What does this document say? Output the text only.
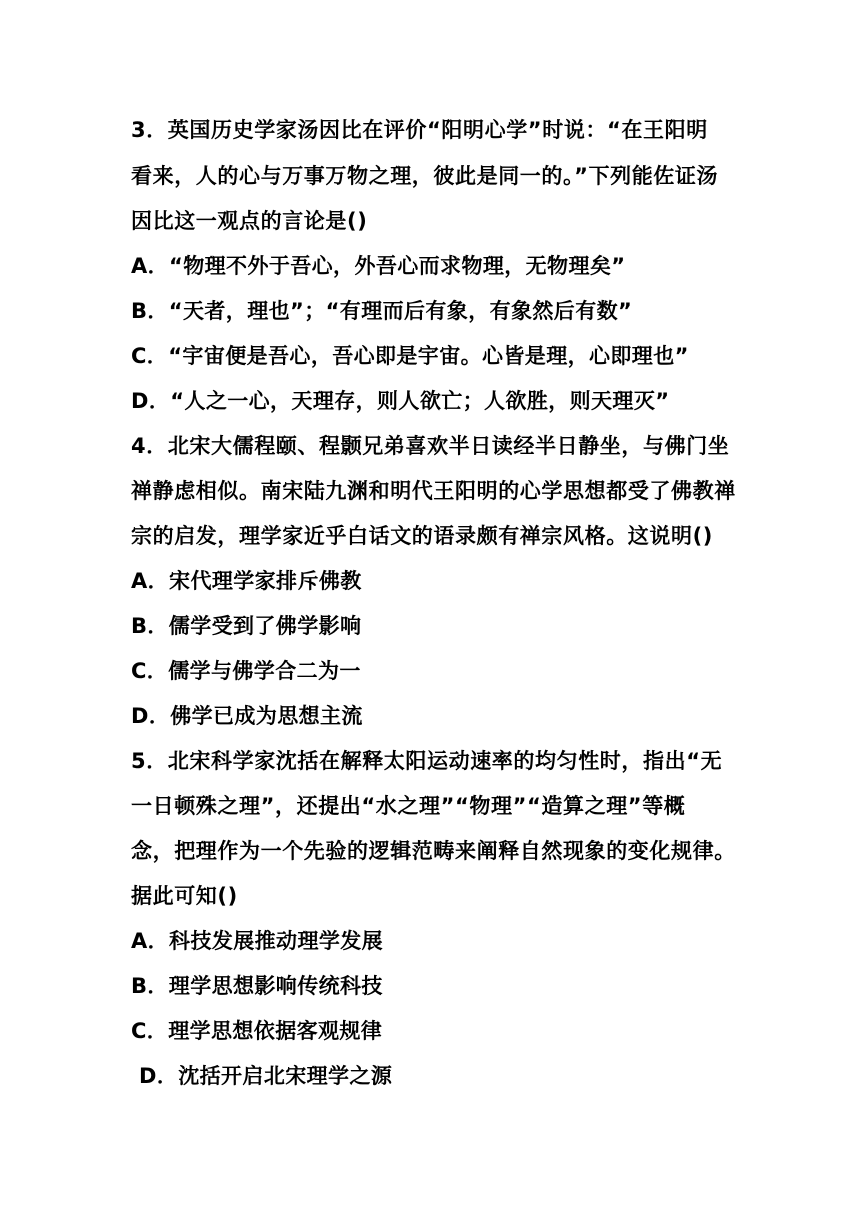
3．英国历史学家汤因比在评价“阳明心学”时说：“在王阳明
看来，人的心与万事万物之理，彼此是同一的。”下列能佐证汤
因比这一观点的言论是()
A．“物理不外于吾心，外吾心而求物理，无物理矣”
B．“天者，理也”；“有理而后有象，有象然后有数”
C．“宇宙便是吾心，吾心即是宇宙。心皆是理，心即理也”
D．“人之一心，天理存，则人欲亡；人欲胜，则天理灭”
4．北宋大儒程颐、程颢兄弟喜欢半日读经半日静坐，与佛门坐
禅静虑相似。南宋陆九渊和明代王阳明的心学思想都受了佛教禅
宗的启发，理学家近乎白话文的语录颇有禅宗风格。这说明()
A．宋代理学家排斥佛教
B．儒学受到了佛学影响
C．儒学与佛学合二为一
D．佛学已成为思想主流
5．北宋科学家沈括在解释太阳运动速率的均匀性时，指出“无
一日顿殊之理”，还提出“水之理”“物理”“造算之理”等概
念，把理作为一个先验的逻辑范畴来阐释自然现象的变化规律。
据此可知()
A．科技发展推动理学发展
B．理学思想影响传统科技
C．理学思想依据客观规律
D．沈括开启北宋理学之源
